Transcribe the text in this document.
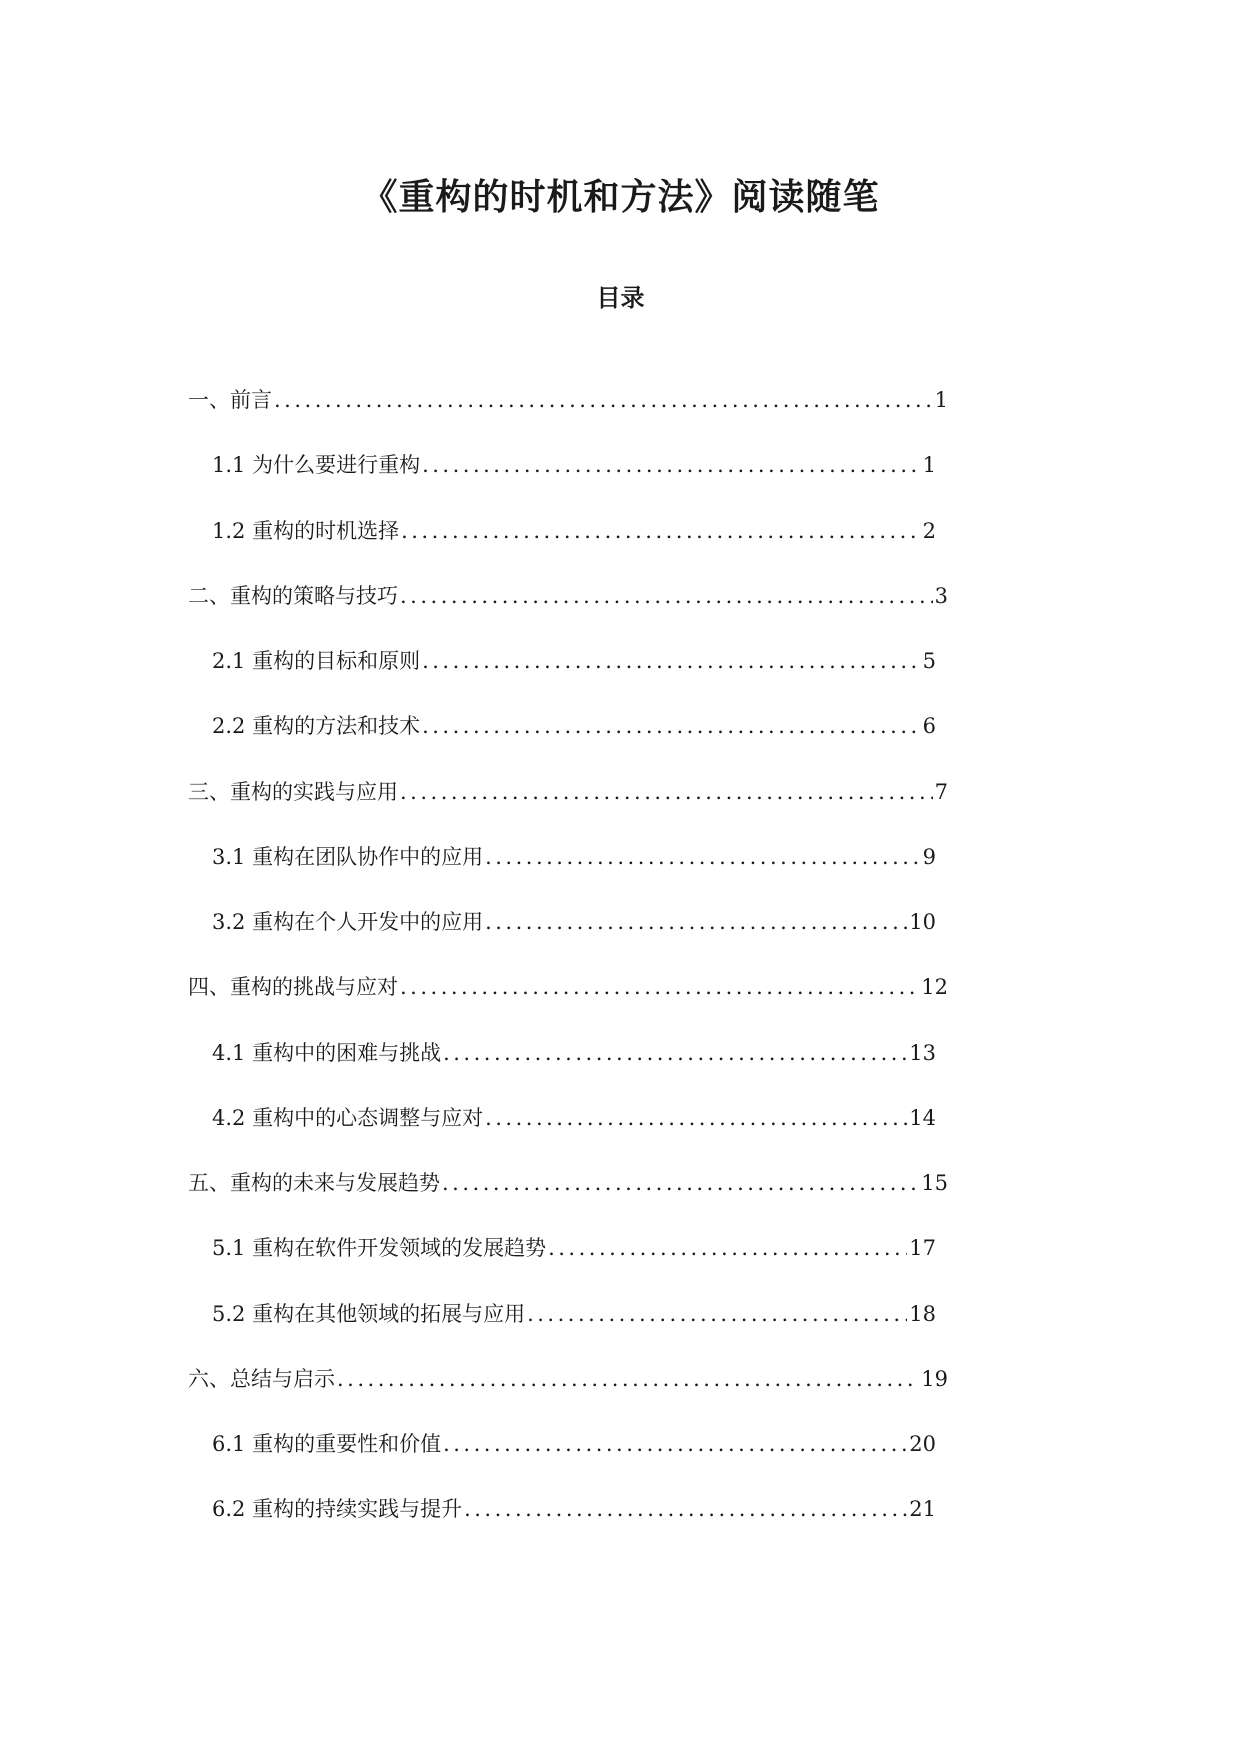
《重构的时机和方法》阅读随笔
目录
一、前言 .....	1
1.1 为什么要进行重构 .....	1
1.2 重构的时机选择 .....	2
二、重构的策略与技巧 .....	3
2.1 重构的目标和原则 .....	5
2.2 重构的方法和技术 .....	6
三、重构的实践与应用 .....	7
3.1 重构在团队协作中的应用 .....	9
3.2 重构在个人开发中的应用 .....	10
四、重构的挑战与应对 .....	12
4.1 重构中的困难与挑战 .....	13
4.2 重构中的心态调整与应对 .....	14
五、重构的未来与发展趋势 .....	15
5.1 重构在软件开发领域的发展趋势 .....	17
5.2 重构在其他领域的拓展与应用 .....	18
六、总结与启示 .....	19
6.1 重构的重要性和价值 .....	20
6.2 重构的持续实践与提升 .....	21
